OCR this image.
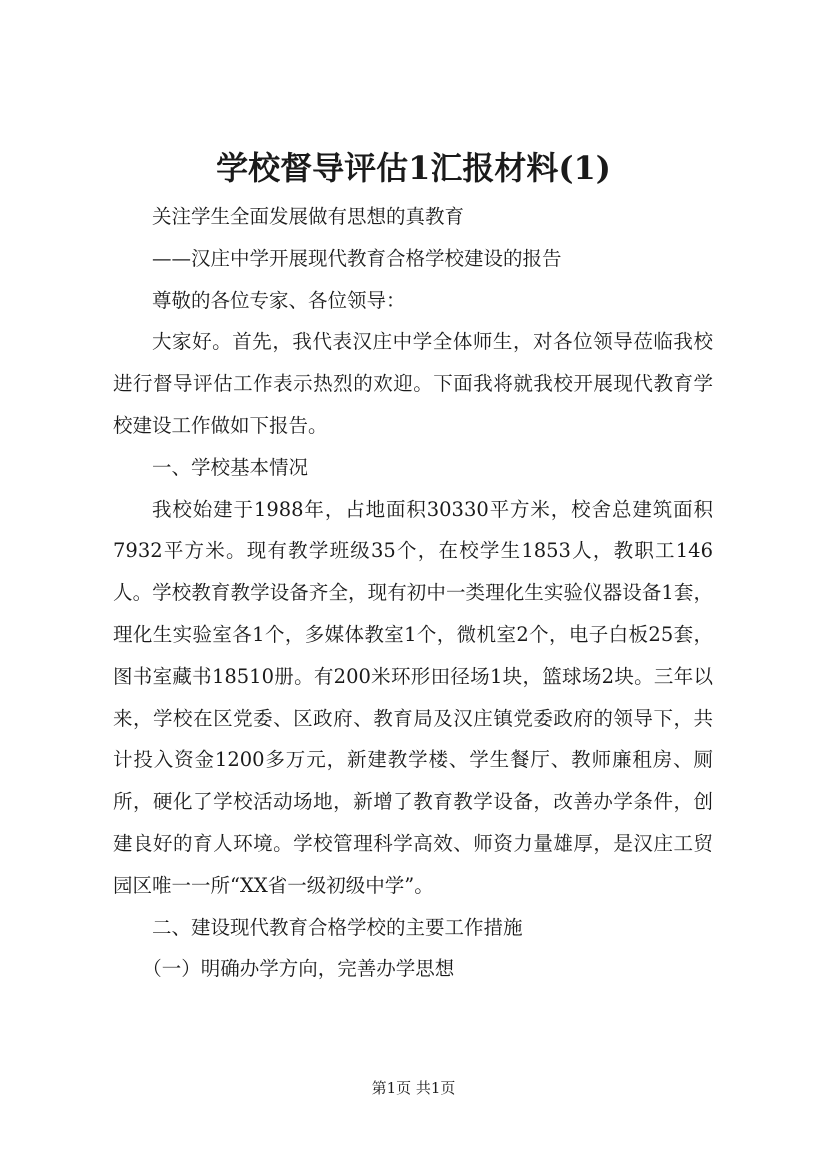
学校督导评估1汇报材料(1)

关注学生全面发展做有思想的真教育

——汉庄中学开展现代教育合格学校建设的报告

尊敬的各位专家、各位领导：

大家好。首先，我代表汉庄中学全体师生，对各位领导莅临我校进行督导评估工作表示热烈的欢迎。下面我将就我校开展现代教育学校建设工作做如下报告。

一、学校基本情况

我校始建于1988年，占地面积30330平方米，校舍总建筑面积7932平方米。现有教学班级35个，在校学生1853人，教职工146人。学校教育教学设备齐全，现有初中一类理化生实验仪器设备1套，理化生实验室各1个，多媒体教室1个，微机室2个，电子白板25套，图书室藏书18510册。有200米环形田径场1块，篮球场2块。三年以来，学校在区党委、区政府、教育局及汉庄镇党委政府的领导下，共计投入资金1200多万元，新建教学楼、学生餐厅、教师廉租房、厕所，硬化了学校活动场地，新增了教育教学设备，改善办学条件，创建良好的育人环境。学校管理科学高效、师资力量雄厚，是汉庄工贸园区唯一一所“XX省一级初级中学”。

二、建设现代教育合格学校的主要工作措施

（一）明确办学方向，完善办学思想

第1页 共1页
